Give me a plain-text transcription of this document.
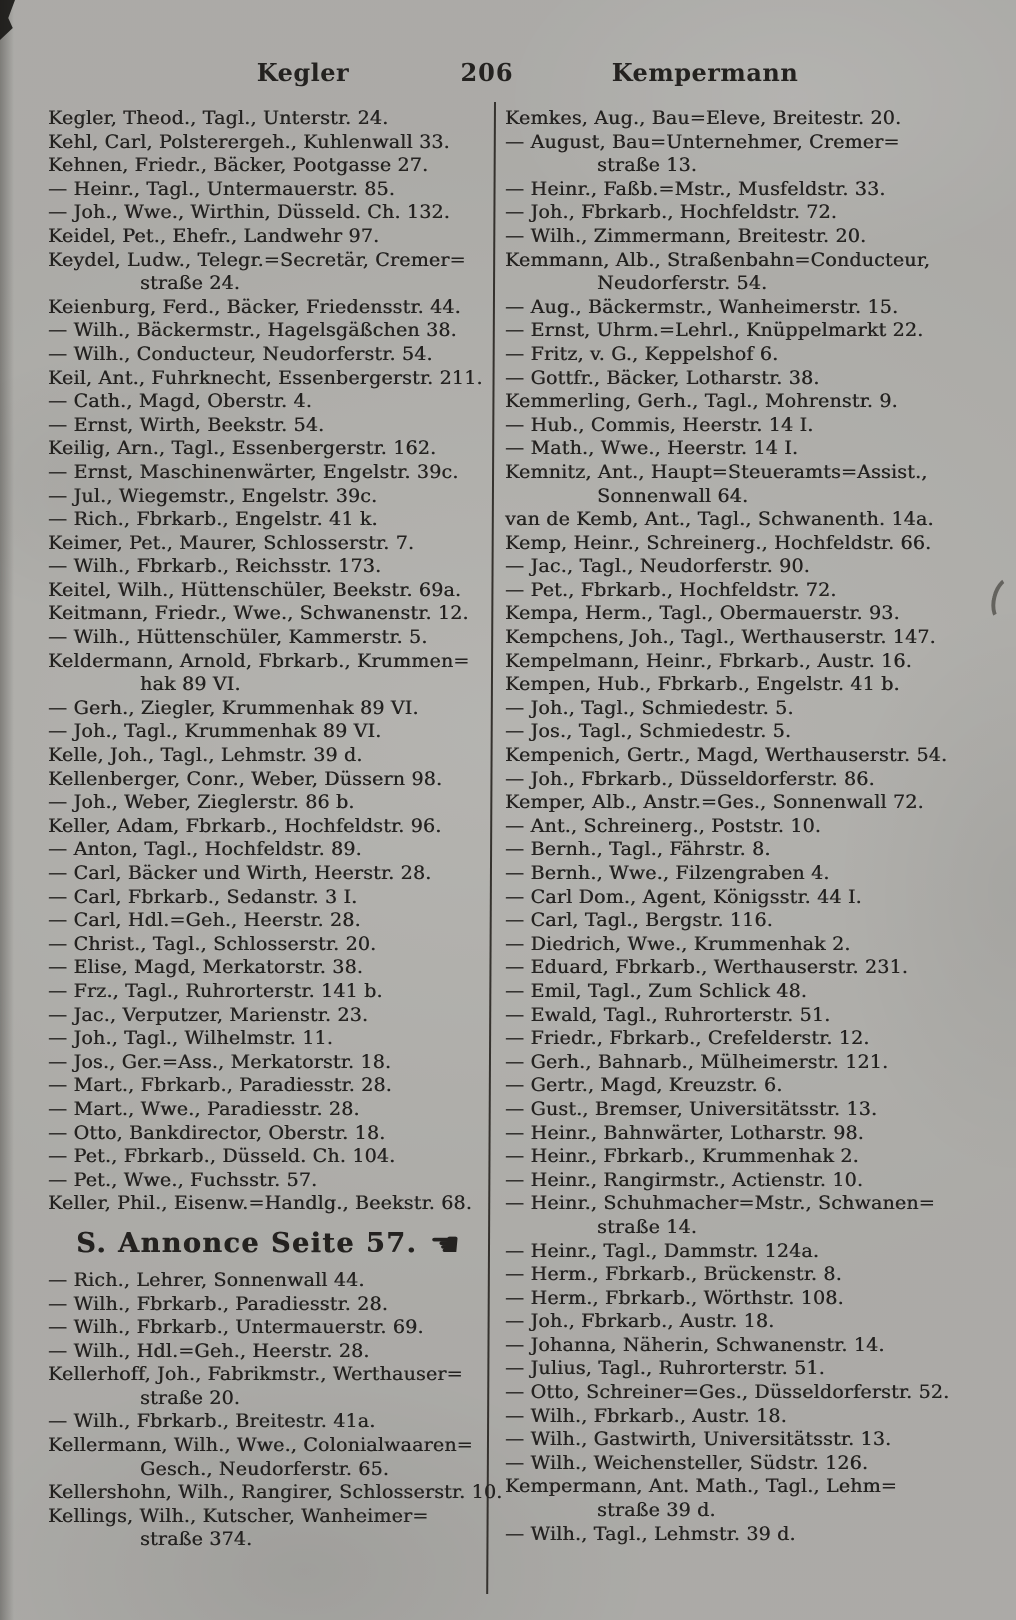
Kegler	206	Kempermann
Kegler, Theod., Tagl., Unterstr. 24.
Kehl, Carl, Polsterergeh., Kuhlenwall 33.
Kehnen, Friedr., Bäcker, Pootgasse 27.
— Heinr., Tagl., Untermauerstr. 85.
— Joh., Wwe., Wirthin, Düsseld. Ch. 132.
Keidel, Pet., Ehefr., Landwehr 97.
Keydel, Ludw., Telegr.=Secretär, Cremer=
straße 24.
Keienburg, Ferd., Bäcker, Friedensstr. 44.
— Wilh., Bäckermstr., Hagelsgäßchen 38.
— Wilh., Conducteur, Neudorferstr. 54.
Keil, Ant., Fuhrknecht, Essenbergerstr. 211.
— Cath., Magd, Oberstr. 4.
— Ernst, Wirth, Beekstr. 54.
Keilig, Arn., Tagl., Essenbergerstr. 162.
— Ernst, Maschinenwärter, Engelstr. 39c.
— Jul., Wiegemstr., Engelstr. 39c.
— Rich., Fbrkarb., Engelstr. 41 k.
Keimer, Pet., Maurer, Schlosserstr. 7.
— Wilh., Fbrkarb., Reichsstr. 173.
Keitel, Wilh., Hüttenschüler, Beekstr. 69a.
Keitmann, Friedr., Wwe., Schwanenstr. 12.
— Wilh., Hüttenschüler, Kammerstr. 5.
Keldermann, Arnold, Fbrkarb., Krummen=
hak 89 VI.
— Gerh., Ziegler, Krummenhak 89 VI.
— Joh., Tagl., Krummenhak 89 VI.
Kelle, Joh., Tagl., Lehmstr. 39 d.
Kellenberger, Conr., Weber, Düssern 98.
— Joh., Weber, Zieglerstr. 86 b.
Keller, Adam, Fbrkarb., Hochfeldstr. 96.
— Anton, Tagl., Hochfeldstr. 89.
— Carl, Bäcker und Wirth, Heerstr. 28.
— Carl, Fbrkarb., Sedanstr. 3 I.
— Carl, Hdl.=Geh., Heerstr. 28.
— Christ., Tagl., Schlosserstr. 20.
— Elise, Magd, Merkatorstr. 38.
— Frz., Tagl., Ruhrorterstr. 141 b.
— Jac., Verputzer, Marienstr. 23.
— Joh., Tagl., Wilhelmstr. 11.
— Jos., Ger.=Ass., Merkatorstr. 18.
— Mart., Fbrkarb., Paradiesstr. 28.
— Mart., Wwe., Paradiesstr. 28.
— Otto, Bankdirector, Oberstr. 18.
— Pet., Fbrkarb., Düsseld. Ch. 104.
— Pet., Wwe., Fuchsstr. 57.
Keller, Phil., Eisenw.=Handlg., Beekstr. 68.
S. Annonce Seite 57. ☚
— Rich., Lehrer, Sonnenwall 44.
— Wilh., Fbrkarb., Paradiesstr. 28.
— Wilh., Fbrkarb., Untermauerstr. 69.
— Wilh., Hdl.=Geh., Heerstr. 28.
Kellerhoff, Joh., Fabrikmstr., Werthauser=
straße 20.
— Wilh., Fbrkarb., Breitestr. 41a.
Kellermann, Wilh., Wwe., Colonialwaaren=
Gesch., Neudorferstr. 65.
Kellershohn, Wilh., Rangirer, Schlosserstr. 10.
Kellings, Wilh., Kutscher, Wanheimer=
straße 374.
Kemkes, Aug., Bau=Eleve, Breitestr. 20.
— August, Bau=Unternehmer, Cremer=
straße 13.
— Heinr., Faßb.=Mstr., Musfeldstr. 33.
— Joh., Fbrkarb., Hochfeldstr. 72.
— Wilh., Zimmermann, Breitestr. 20.
Kemmann, Alb., Straßenbahn=Conducteur,
Neudorferstr. 54.
— Aug., Bäckermstr., Wanheimerstr. 15.
— Ernst, Uhrm.=Lehrl., Knüppelmarkt 22.
— Fritz, v. G., Keppelshof 6.
— Gottfr., Bäcker, Lotharstr. 38.
Kemmerling, Gerh., Tagl., Mohrenstr. 9.
— Hub., Commis, Heerstr. 14 I.
— Math., Wwe., Heerstr. 14 I.
Kemnitz, Ant., Haupt=Steueramts=Assist.,
Sonnenwall 64.
van de Kemb, Ant., Tagl., Schwanenth. 14a.
Kemp, Heinr., Schreinerg., Hochfeldstr. 66.
— Jac., Tagl., Neudorferstr. 90.
— Pet., Fbrkarb., Hochfeldstr. 72.
Kempa, Herm., Tagl., Obermauerstr. 93.
Kempchens, Joh., Tagl., Werthauserstr. 147.
Kempelmann, Heinr., Fbrkarb., Austr. 16.
Kempen, Hub., Fbrkarb., Engelstr. 41 b.
— Joh., Tagl., Schmiedestr. 5.
— Jos., Tagl., Schmiedestr. 5.
Kempenich, Gertr., Magd, Werthauserstr. 54.
— Joh., Fbrkarb., Düsseldorferstr. 86.
Kemper, Alb., Anstr.=Ges., Sonnenwall 72.
— Ant., Schreinerg., Poststr. 10.
— Bernh., Tagl., Fährstr. 8.
— Bernh., Wwe., Filzengraben 4.
— Carl Dom., Agent, Königsstr. 44 I.
— Carl, Tagl., Bergstr. 116.
— Diedrich, Wwe., Krummenhak 2.
— Eduard, Fbrkarb., Werthauserstr. 231.
— Emil, Tagl., Zum Schlick 48.
— Ewald, Tagl., Ruhrorterstr. 51.
— Friedr., Fbrkarb., Crefelderstr. 12.
— Gerh., Bahnarb., Mülheimerstr. 121.
— Gertr., Magd, Kreuzstr. 6.
— Gust., Bremser, Universitätsstr. 13.
— Heinr., Bahnwärter, Lotharstr. 98.
— Heinr., Fbrkarb., Krummenhak 2.
— Heinr., Rangirmstr., Actienstr. 10.
— Heinr., Schuhmacher=Mstr., Schwanen=
straße 14.
— Heinr., Tagl., Dammstr. 124a.
— Herm., Fbrkarb., Brückenstr. 8.
— Herm., Fbrkarb., Wörthstr. 108.
— Joh., Fbrkarb., Austr. 18.
— Johanna, Näherin, Schwanenstr. 14.
— Julius, Tagl., Ruhrorterstr. 51.
— Otto, Schreiner=Ges., Düsseldorferstr. 52.
— Wilh., Fbrkarb., Austr. 18.
— Wilh., Gastwirth, Universitätsstr. 13.
— Wilh., Weichensteller, Südstr. 126.
Kempermann, Ant. Math., Tagl., Lehm=
straße 39 d.
— Wilh., Tagl., Lehmstr. 39 d.
